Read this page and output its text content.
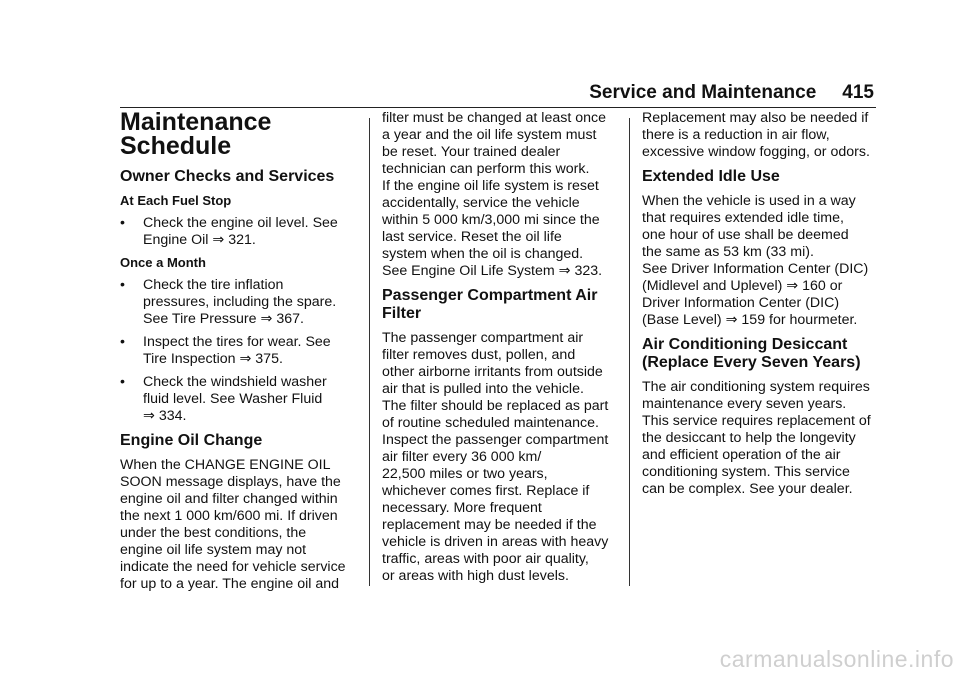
Service and Maintenance 415
Maintenance
Schedule
Owner Checks and Services
At Each Fuel Stop
• Check the engine oil level. See
Engine Oil ⇒ 321.
Once a Month
• Check the tire inflation
pressures, including the spare.
See Tire Pressure ⇒ 367.
• Inspect the tires for wear. See
Tire Inspection ⇒ 375.
• Check the windshield washer
fluid level. See Washer Fluid
⇒ 334.
Engine Oil Change
When the CHANGE ENGINE OIL
SOON message displays, have the
engine oil and filter changed within
the next 1 000 km/600 mi. If driven
under the best conditions, the
engine oil life system may not
indicate the need for vehicle service
for up to a year. The engine oil and
filter must be changed at least once
a year and the oil life system must
be reset. Your trained dealer
technician can perform this work.
If the engine oil life system is reset
accidentally, service the vehicle
within 5 000 km/3,000 mi since the
last service. Reset the oil life
system when the oil is changed.
See Engine Oil Life System ⇒ 323.
Passenger Compartment Air
Filter
The passenger compartment air
filter removes dust, pollen, and
other airborne irritants from outside
air that is pulled into the vehicle.
The filter should be replaced as part
of routine scheduled maintenance.
Inspect the passenger compartment
air filter every 36 000 km/
22,500 miles or two years,
whichever comes first. Replace if
necessary. More frequent
replacement may be needed if the
vehicle is driven in areas with heavy
traffic, areas with poor air quality,
or areas with high dust levels.
Replacement may also be needed if
there is a reduction in air flow,
excessive window fogging, or odors.
Extended Idle Use
When the vehicle is used in a way
that requires extended idle time,
one hour of use shall be deemed
the same as 53 km (33 mi).
See Driver Information Center (DIC)
(Midlevel and Uplevel) ⇒ 160 or
Driver Information Center (DIC)
(Base Level) ⇒ 159 for hourmeter.
Air Conditioning Desiccant
(Replace Every Seven Years)
The air conditioning system requires
maintenance every seven years.
This service requires replacement of
the desiccant to help the longevity
and efficient operation of the air
conditioning system. This service
can be complex. See your dealer.
carmanualsonline.info
